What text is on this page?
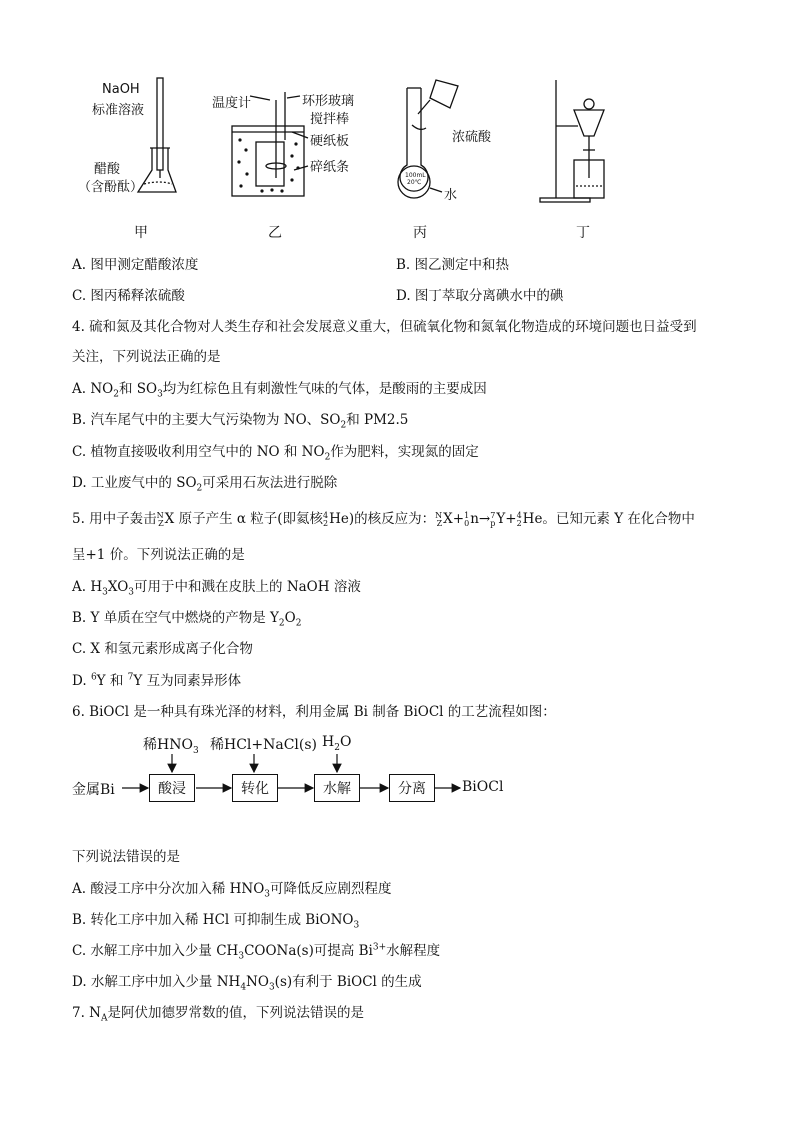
NaOH
标准溶液
醋酸
（含酚酞）
温度计	环形玻璃
搅拌棒
硬纸板
碎纸条
浓硫酸
水
100mL
20℃
甲	乙	丙	丁
A. 图甲测定醋酸浓度	B. 图乙测定中和热
C. 图丙稀释浓硫酸	D. 图丁萃取分离碘水中的碘
4. 硫和氮及其化合物对人类生存和社会发展意义重大，但硫氧化物和氮氧化物造成的环境问题也日益受到
关注，下列说法正确的是
A. $NO_2$和 $SO_3$均为红棕色且有刺激性气味的气体，是酸雨的主要成因
B. 汽车尾气中的主要大气污染物为 NO、$SO_2$和 PM2.5
C. 植物直接吸收利用空气中的 NO 和 $NO_2$作为肥料，实现氮的固定
D. 工业废气中的 $SO_2$可采用石灰法进行脱除
5. 用中子轰击 N
Z X 原子产生 α 粒子(即氦核 4
2 He)的核反应为： N
Z X+ 1
0 n→ 7
p Y+ 4
2 He。已知元素 Y 在化合物中
呈+1 价。下列说法正确的是
A. $H_3XO_3$可用于中和溅在皮肤上的 NaOH 溶液
B. Y 单质在空气中燃烧的产物是 $Y_2O_2$
C. X 和氢元素形成离子化合物
D. $^6$Y 和 $^7$Y 互为同素异形体
6. BiOCl 是一种具有珠光泽的材料，利用金属 Bi 制备 BiOCl 的工艺流程如图：
稀$HNO_3$ 稀HCl+NaCl(s) $H_2O$
金属Bi	酸浸	转化	水解	分离	BiOCl
下列说法错误的是
A. 酸浸工序中分次加入稀 $HNO_3$可降低反应剧烈程度
B. 转化工序中加入稀 HCl 可抑制生成 BiONO$_3$
C. 水解工序中加入少量 $CH_3COONa(s)$可提高 $Bi^{3+}$水解程度
D. 水解工序中加入少量 $NH_4NO_3(s)$有利于 BiOCl 的生成
7. $N_A$是阿伏加德罗常数的值，下列说法错误的是
